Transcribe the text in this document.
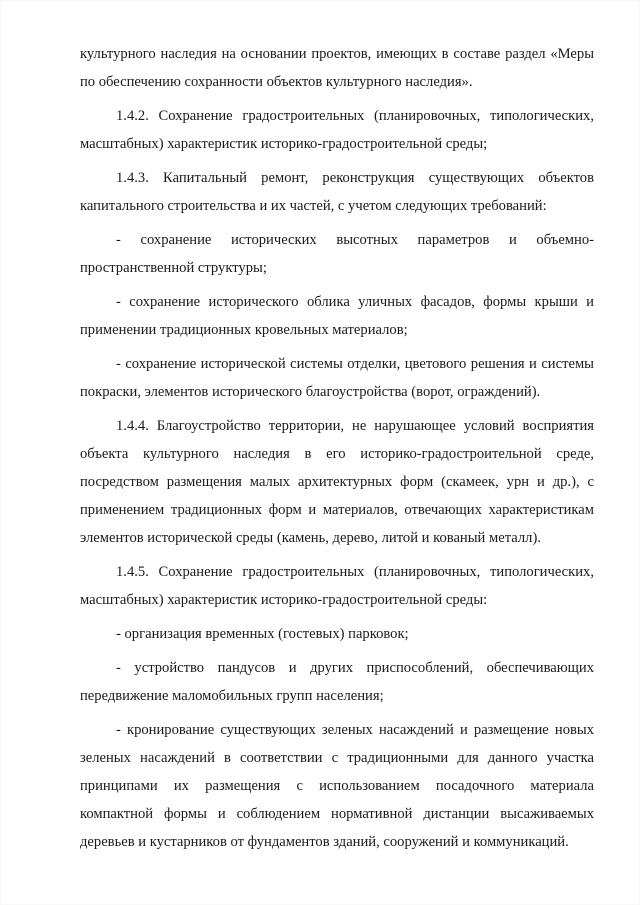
культурного наследия на основании проектов, имеющих в составе раздел «Меры по обеспечению сохранности объектов культурного наследия».

1.4.2. Сохранение градостроительных (планировочных, типологических, масштабных) характеристик историко-градостроительной среды;

1.4.3. Капитальный ремонт, реконструкция существующих объектов капитального строительства и их частей, с учетом следующих требований:

- сохранение исторических высотных параметров и объемно-пространственной структуры;

- сохранение исторического облика уличных фасадов, формы крыши и применении традиционных кровельных материалов;

- сохранение исторической системы отделки, цветового решения и системы покраски, элементов исторического благоустройства (ворот, ограждений).

1.4.4. Благоустройство территории, не нарушающее условий восприятия объекта культурного наследия в его историко-градостроительной среде, посредством размещения малых архитектурных форм (скамеек, урн и др.), с применением традиционных форм и материалов, отвечающих характеристикам элементов исторической среды (камень, дерево, литой и кованый металл).

1.4.5. Сохранение градостроительных (планировочных, типологических, масштабных) характеристик историко-градостроительной среды:

- организация временных (гостевых) парковок;

- устройство пандусов и других приспособлений, обеспечивающих передвижение маломобильных групп населения;

- кронирование существующих зеленых насаждений и размещение новых зеленых насаждений в соответствии с традиционными для данного участка принципами их размещения с использованием посадочного материала компактной формы и соблюдением нормативной дистанции высаживаемых деревьев и кустарников от фундаментов зданий, сооружений и коммуникаций.
